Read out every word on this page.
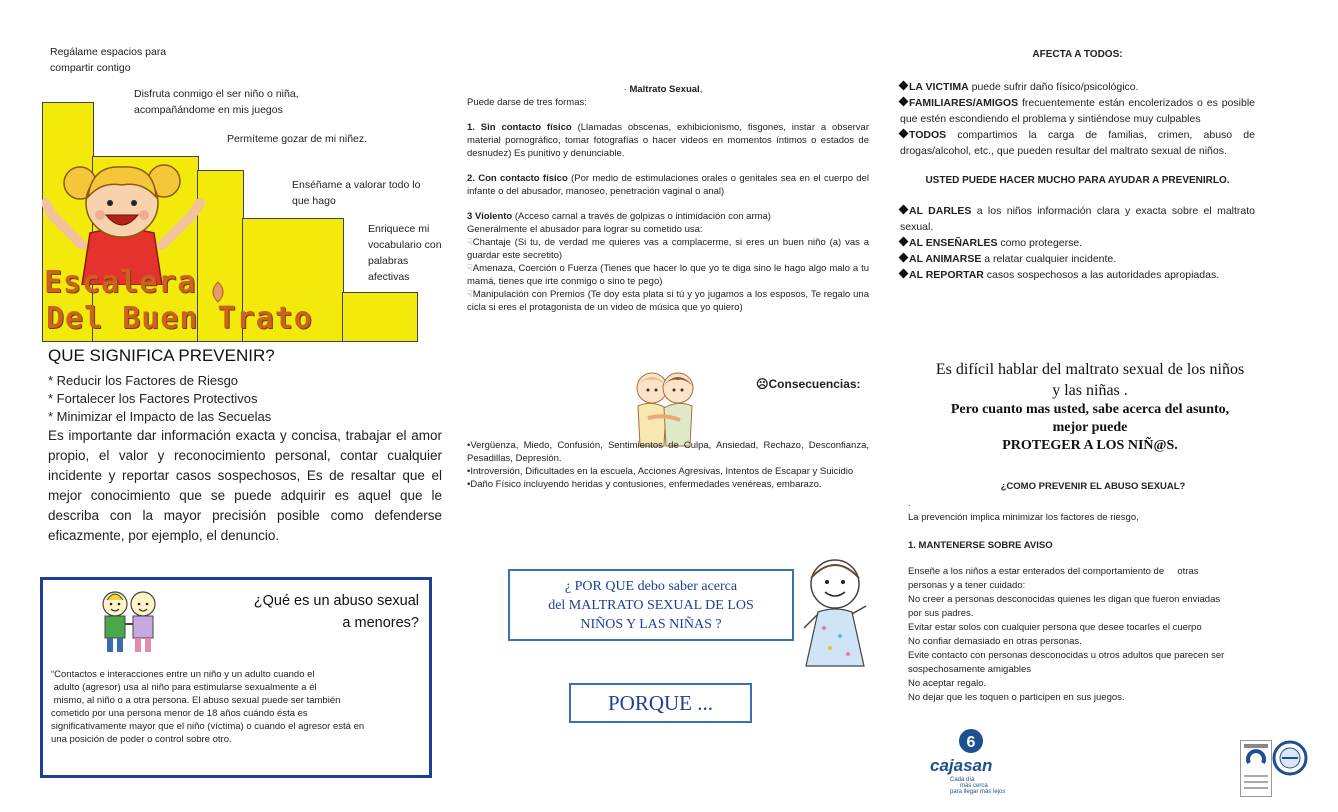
Escalera
Del Buen Trato
Regálame espacios para compartir contigo
Disfruta conmigo el ser niño o niña, acompañándome en mis juegos
Permíteme gozar de mi niñez.
Enséñame a valorar todo lo que hago
Enriquece mi vocabulario con palabras afectivas
QUE SIGNIFICA PREVENIR?
* Reducir los Factores de Riesgo
* Fortalecer los Factores Protectivos
* Minimizar el Impacto de las Secuelas
Es importante dar información exacta y concisa, trabajar el amor propio, el valor y reconocimiento personal, contar cualquier incidente y reportar casos sospechosos, Es de resaltar que el mejor conocimiento que se puede adquirir es aquel que le describa con la mayor precisión posible como defenderse eficazmente, por ejemplo, el denuncio.
¿Qué es un abuso sexual
a menores?
“Contactos e interacciones entre un niño y un adulto cuando el
adulto (agresor) usa al niño para estimularse sexualmente a él
mismo, al niño o a otra persona. El abuso sexual puede ser también
cometido por una persona menor de 18 años cuándo ésta es
significativamente mayor que el niño (víctima) o cuando el agresor está en
una posición de poder o control sobre otro.
· Maltrato Sexual,
Puede darse de tres formas:
1. Sin contacto físico (Llamadas obscenas, exhibicionismo, fisgones, instar a observar material pornográfico, tomar fotografías o hacer videos en momentos íntimos o estados de desnudez) Es punitivo y denunciable.
2. Con contacto físico (Por medio de estimulaciones orales o genitales sea en el cuerpo del infante o del abusador, manoseo, penetración vaginal o anal)
3 Violento (Acceso carnal a través de golpizas o intimidación con arma)
Generalmente el abusador para lograr su cometido usa:
☟Chantaje (Si tu, de verdad me quieres vas a complacerme, si eres un buen niño (a) vas a guardar este secretito)
☟Amenaza, Coerción o Fuerza (Tienes que hacer lo que yo te diga sino le hago algo malo a tu mamá, tienes que irte conmigo o sino te pego)
☟Manipulación con Premios (Te doy esta plata si tú y yo jugamos a los esposos, Te regalo una cicla si eres el protagonista de un video de música que yo quiero)
☹Consecuencias:
•Vergüenza, Miedo, Confusión, Sentimientos de Culpa, Ansiedad, Rechazo, Desconfianza, Pesadillas, Depresión.
•Introversión, Dificultades en la escuela, Acciones Agresivas, Intentos de Escapar y Suicidio
•Daño Físico incluyendo heridas y contusiones, enfermedades venéreas, embarazo.
¿ POR QUE debo saber acerca
del MALTRATO SEXUAL DE LOS
NIÑOS Y LAS NIÑAS ?
PORQUE ...
AFECTA A TODOS:
LA VICTIMA puede sufrir daño físico/psicológico.
FAMILIARES/AMIGOS frecuentemente están encolerizados o es posible que estén escondiendo el problema y sintiéndose muy culpables
TODOS compartimos la carga de familias, crimen, abuso de drogas/alcohol, etc., que pueden resultar del maltrato sexual de niños.
USTED PUEDE HACER MUCHO PARA AYUDAR A PREVENIRLO.
AL DARLES a los niños información clara y exacta sobre el maltrato sexual.
AL ENSEÑARLES como protegerse.
AL ANIMARSE a relatar cualquier incidente.
AL REPORTAR casos sospechosos a las autoridades apropiadas.
Es difícil hablar del maltrato sexual de los niños
y las niñas .
Pero cuanto mas usted, sabe acerca del asunto,
mejor puede
PROTEGER A LOS NIÑ@S.
¿COMO PREVENIR EL ABUSO SEXUAL?
.
La prevención implica minimizar los factores de riesgo,
1. MANTENERSE SOBRE AVISO
Enseñe a los niños a estar enterados del comportamiento de     otras
personas y a tener cuidado:
No creer a personas desconocidas quienes les digan que fueron enviadas
por sus padres.
Evitar estar solos con cualquier persona que desee tocarles el cuerpo
No confiar demasiado en otras personas.
Evite contacto con personas desconocidas u otros adultos que parecen ser
sospechosamente amigables
No aceptar regalo.
No dejar que les toquen o participen en sus juegos.
6
cajasan
Cada día
más cerca
para llegar más lejos
